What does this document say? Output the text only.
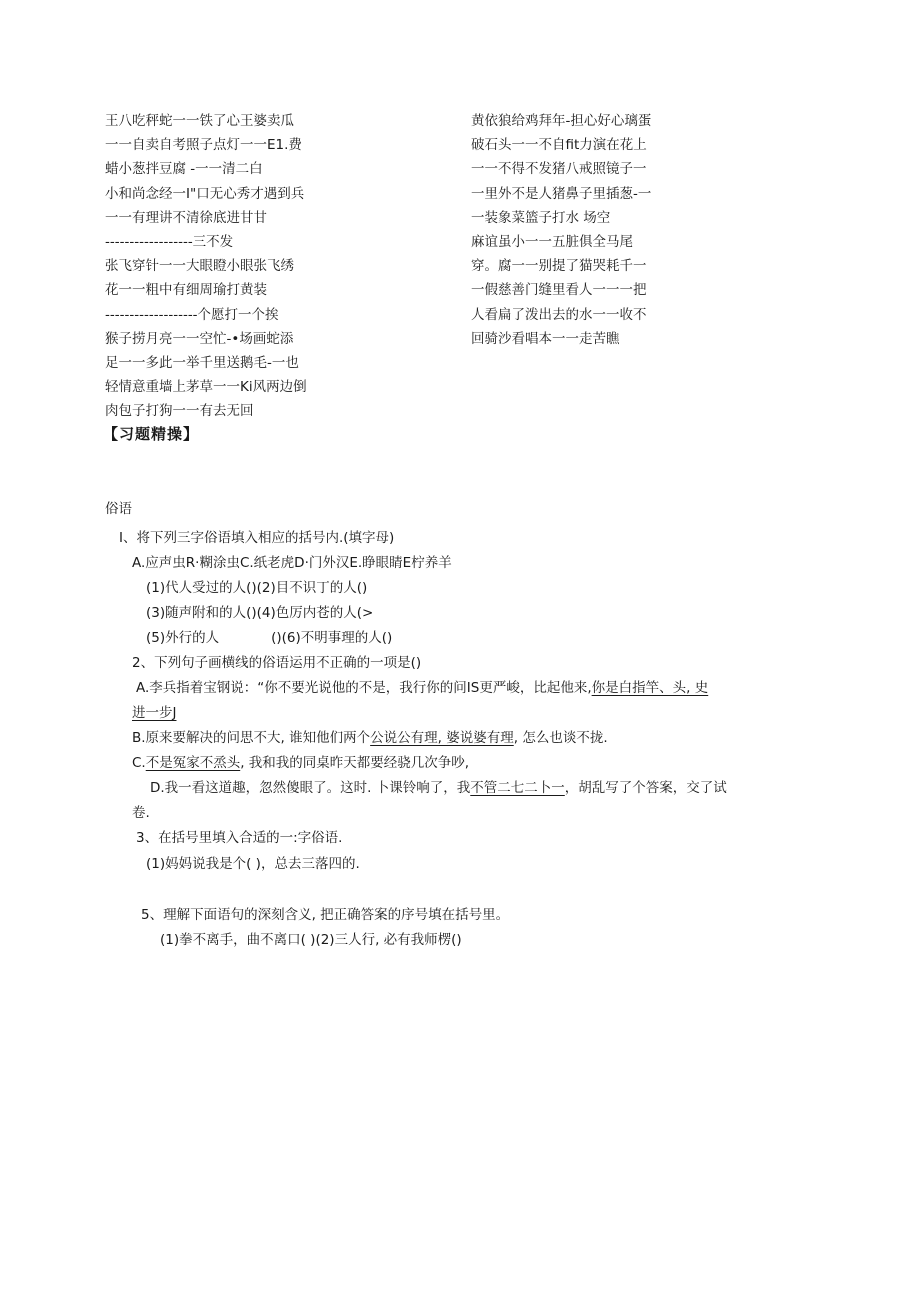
王八吃秤蛇一一铁了心王婆卖瓜
一一自卖自考照子点灯一一E1.费
蜡小葱拌豆腐 -一一清二白
小和尚念经一I"口无心秀才遇到兵
一一有理讲不清徐底进甘甘
------------------三不发
张飞穿针一一大眼瞪小眼张飞绣
花一一粗中有细周瑜打黄装
-------------------个愿打一个挨
猴子捞月亮一一空忙-•场画蛇添
足一一多此一举千里送鹅毛-一也
轻情意重墙上茅草一一Ki风两边倒
肉包子打狗一一有去无回
黄依狼给鸡拜年-担心好心璃蛋
破石头一一不自fit力演在花上
一一不得不发猪八戒照镜子一
一里外不是人猪鼻子里插葱-一
一装象菜篮子打水 场空
麻谊虽小一一五脏俱全马尾
穿。腐一一别提了猫哭耗千一
一假慈善门缝里看人一一一把
人看扁了泼出去的水一一收不
回骑沙看唱本一一走苦瞧
【习题精操】
俗语
I、将下列三字俗语填入相应的括号内.(填字母)
A.应声虫R·糊涂虫C.纸老虎D·门外汉E.睁眼睛E柠养羊
(1)代人受过的人()(2)目不识丁的人()
(3)随声附和的人()(4)色厉内苍的人(>
(5)外行的人	()(6)不明事理的人()
2、下列句子画横线的俗语运用不正确的一项是()
A.李兵指着宝钢说：“你不要光说他的不是，我行你的问IS更严峻，比起他来,你是白指竿、头, 史
进一步J
B.原来要解决的问思不大, 谁知他们两个公说公有理, 婆说婆有理, 怎么也谈不拢.
C.不是冤家不烝头, 我和我的同桌昨天都要经骁几次争吵,
D.我一看这道趣，忽然傻眼了。这时. 卜课铃响了，我不管二七二卜一，胡乱写了个答案，交了试
卷.
3、在括号里填入合适的一:字俗语.
(1)妈妈说我是个( )，总去三落四的.
5、理解下面语句的深刻含义, 把正确答案的序号填在括号里。
(1)拳不离手，曲不离口( )(2)三人行, 必有我师楞()
